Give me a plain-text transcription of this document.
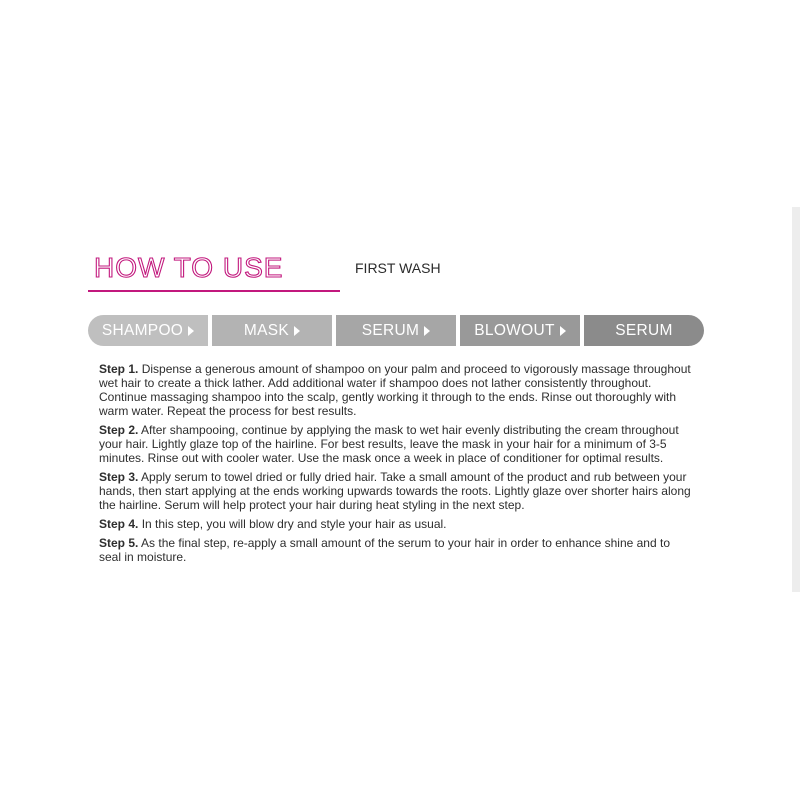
HOW TO USE	FIRST WASH
SHAMPOO	MASK	SERUM	BLOWOUT	SERUM

Step 1. Dispense a generous amount of shampoo on your palm and proceed to vigorously massage throughout wet hair to create a thick lather. Add additional water if shampoo does not lather consistently throughout. Continue massaging shampoo into the scalp, gently working it through to the ends. Rinse out thoroughly with warm water. Repeat the process for best results.

Step 2. After shampooing, continue by applying the mask to wet hair evenly distributing the cream throughout your hair. Lightly glaze top of the hairline. For best results, leave the mask in your hair for a minimum of 3-5 minutes. Rinse out with cooler water. Use the mask once a week in place of conditioner for optimal results.

Step 3. Apply serum to towel dried or fully dried hair. Take a small amount of the product and rub between your hands, then start applying at the ends working upwards towards the roots. Lightly glaze over shorter hairs along the hairline. Serum will help protect your hair during heat styling in the next step.

Step 4. In this step, you will blow dry and style your hair as usual.

Step 5. As the final step, re-apply a small amount of the serum to your hair in order to enhance shine and to seal in moisture.
